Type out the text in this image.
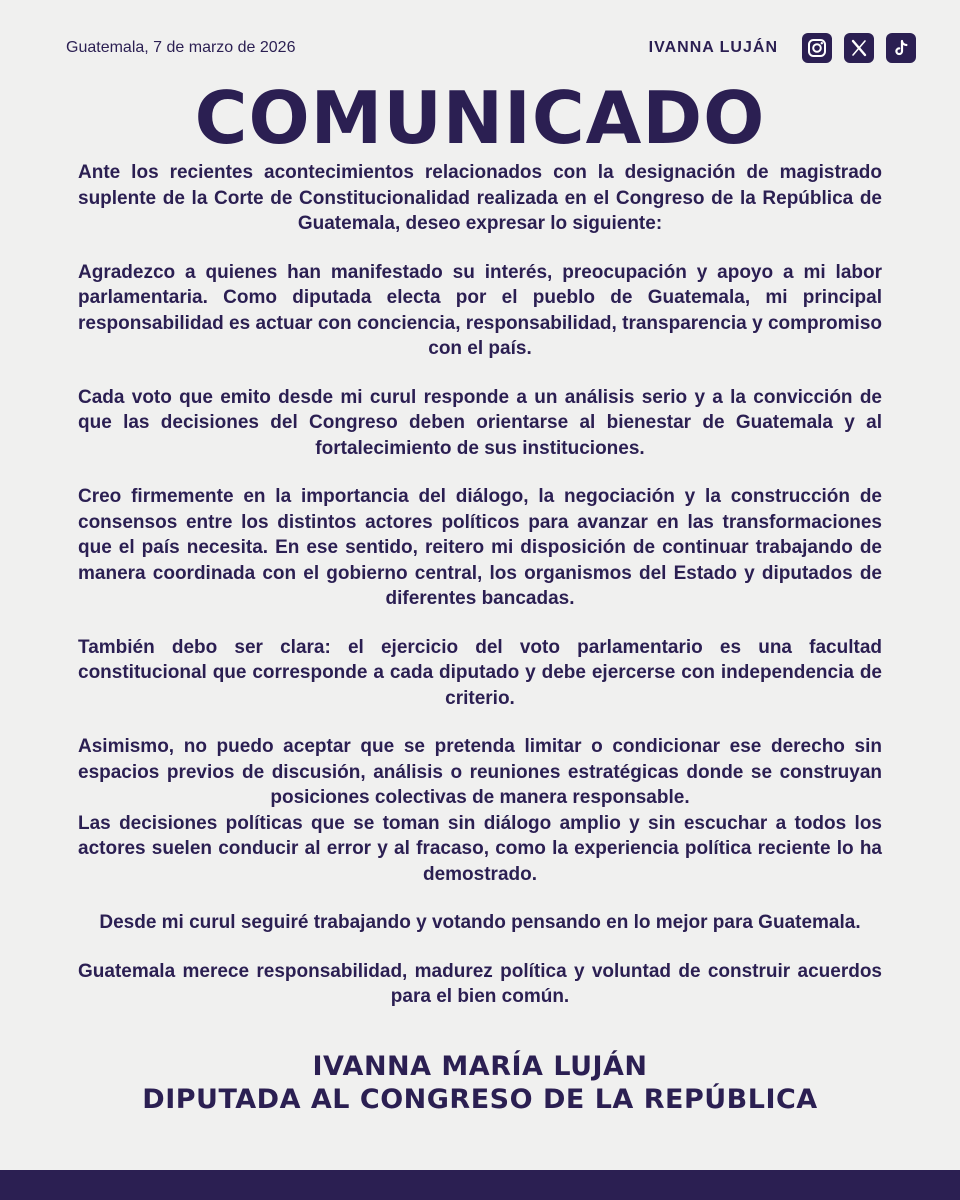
Guatemala, 7 de marzo de 2026	IVANNA LUJÁN
COMUNICADO

Ante los recientes acontecimientos relacionados con la designación de magistrado suplente de la Corte de Constitucionalidad realizada en el Congreso de la República de Guatemala, deseo expresar lo siguiente:

Agradezco a quienes han manifestado su interés, preocupación y apoyo a mi labor parlamentaria. Como diputada electa por el pueblo de Guatemala, mi principal responsabilidad es actuar con conciencia, responsabilidad, transparencia y compromiso con el país.

Cada voto que emito desde mi curul responde a un análisis serio y a la convicción de que las decisiones del Congreso deben orientarse al bienestar de Guatemala y al fortalecimiento de sus instituciones.

Creo firmemente en la importancia del diálogo, la negociación y la construcción de consensos entre los distintos actores políticos para avanzar en las transformaciones que el país necesita. En ese sentido, reitero mi disposición de continuar trabajando de manera coordinada con el gobierno central, los organismos del Estado y diputados de diferentes bancadas.

También debo ser clara: el ejercicio del voto parlamentario es una facultad constitucional que corresponde a cada diputado y debe ejercerse con independencia de criterio.

Asimismo, no puedo aceptar que se pretenda limitar o condicionar ese derecho sin espacios previos de discusión, análisis o reuniones estratégicas donde se construyan posiciones colectivas de manera responsable.

Las decisiones políticas que se toman sin diálogo amplio y sin escuchar a todos los actores suelen conducir al error y al fracaso, como la experiencia política reciente lo ha demostrado.

Desde mi curul seguiré trabajando y votando pensando en lo mejor para Guatemala.

Guatemala merece responsabilidad, madurez política y voluntad de construir acuerdos para el bien común.

IVANNA MARÍA LUJÁN
DIPUTADA AL CONGRESO DE LA REPÚBLICA
